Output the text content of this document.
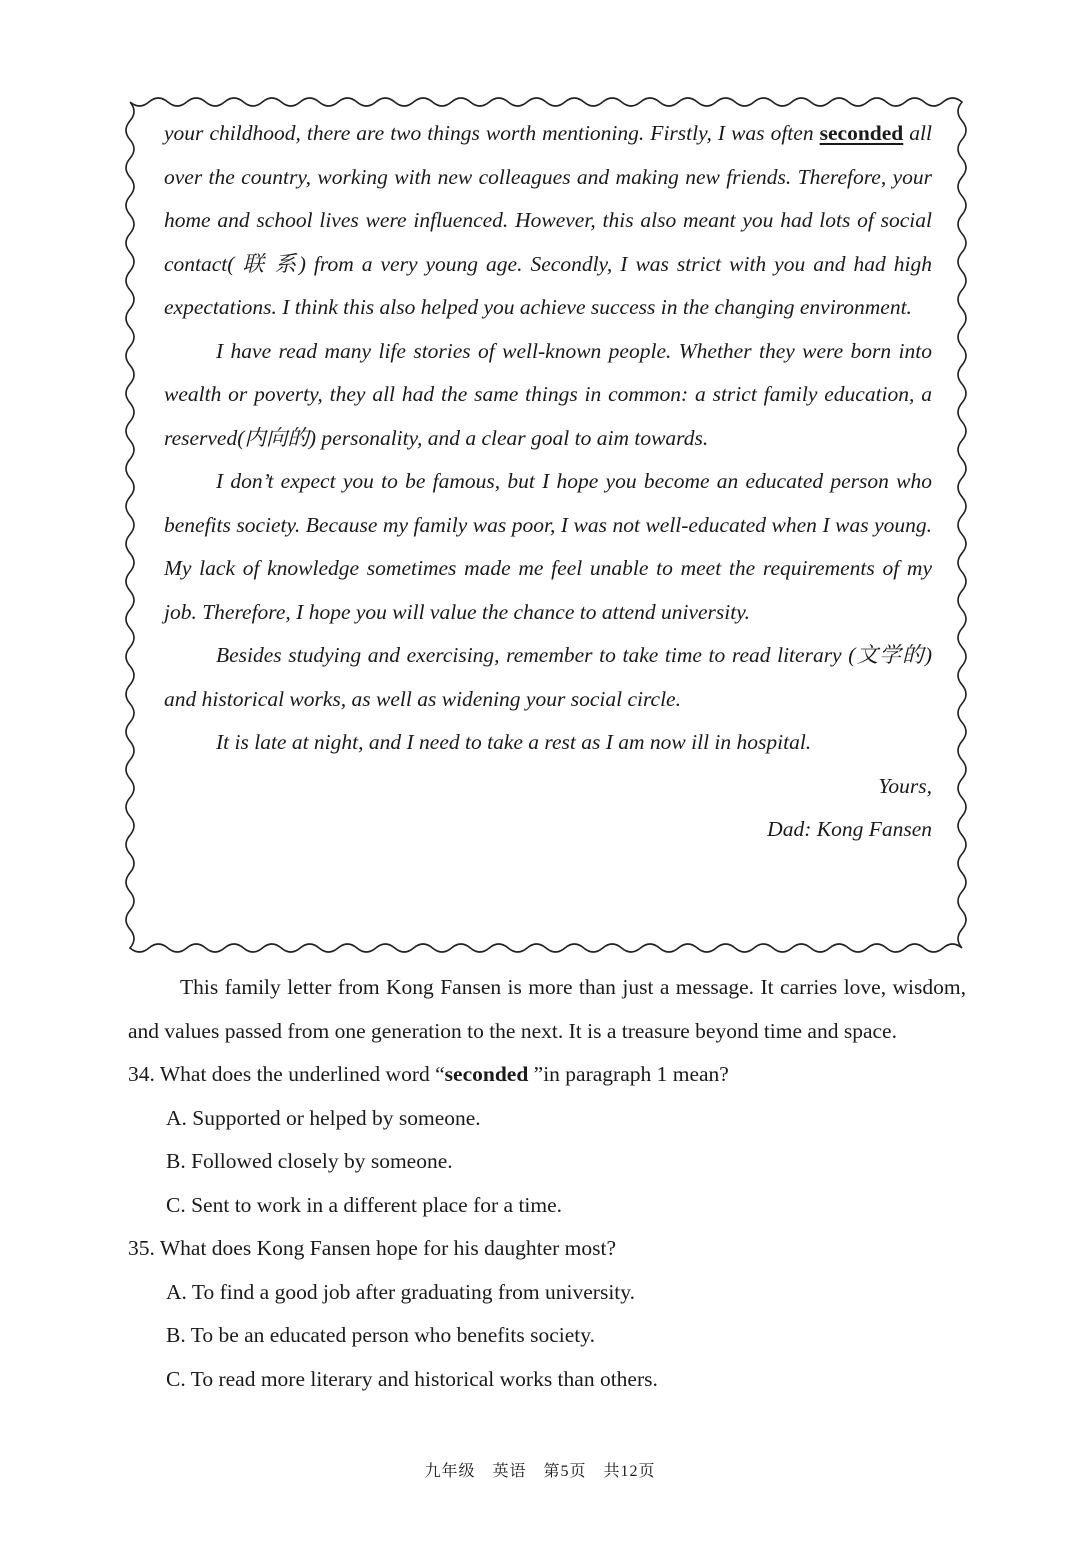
your childhood, there are two things worth mentioning. Firstly, I was often seconded all over the country, working with new colleagues and making new friends. Therefore, your home and school lives were influenced. However, this also meant you had lots of social contact( 联 系) from a very young age. Secondly, I was strict with you and had high expectations. I think this also helped you achieve success in the changing environment.

I have read many life stories of well-known people. Whether they were born into wealth or poverty, they all had the same things in common: a strict family education, a reserved(内向的) personality, and a clear goal to aim towards.

I don’t expect you to be famous, but I hope you become an educated person who benefits society. Because my family was poor, I was not well-educated when I was young. My lack of knowledge sometimes made me feel unable to meet the requirements of my job. Therefore, I hope you will value the chance to attend university.

Besides studying and exercising, remember to take time to read literary (文学的) and historical works, as well as widening your social circle.

It is late at night, and I need to take a rest as I am now ill in hospital.

Yours,

Dad: Kong Fansen

This family letter from Kong Fansen is more than just a message. It carries love, wisdom, and values passed from one generation to the next. It is a treasure beyond time and space.

34. What does the underlined word “seconded ”in paragraph 1 mean?

A. Supported or helped by someone.

B. Followed closely by someone.

C. Sent to work in a different place for a time.

35. What does Kong Fansen hope for his daughter most?

A. To find a good job after graduating from university.

B. To be an educated person who benefits society.

C. To read more literary and historical works than others.

九年级　英语　第5页　共12页
